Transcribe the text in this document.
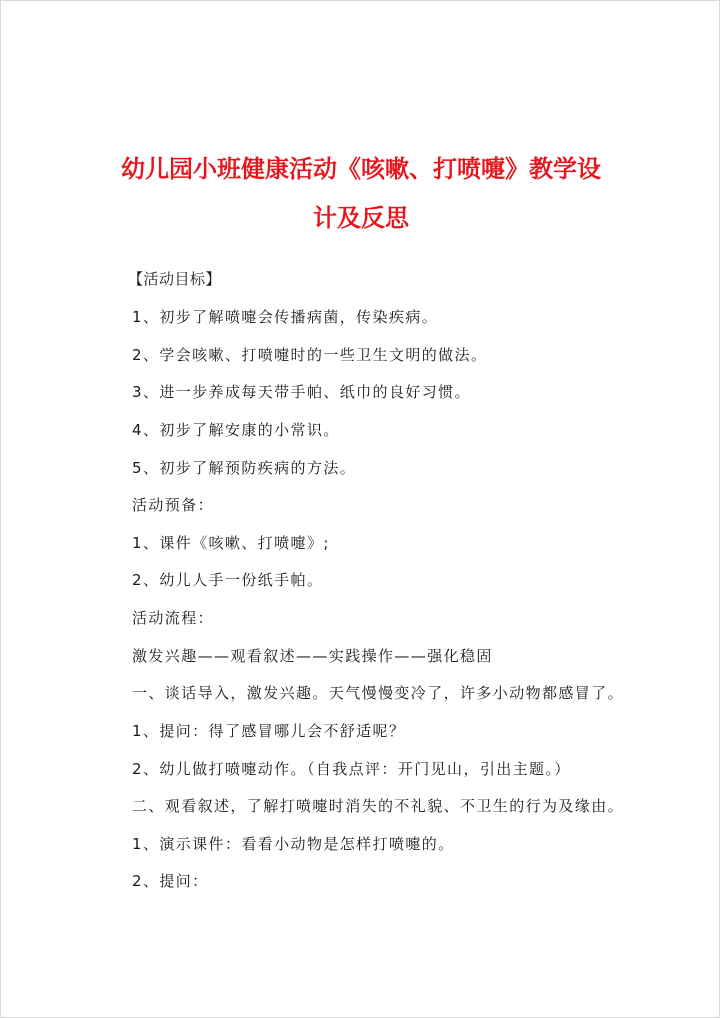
幼儿园小班健康活动《咳嗽、打喷嚏》教学设
计及反思
【活动目标】
1、初步了解喷嚏会传播病菌，传染疾病。
2、学会咳嗽、打喷嚏时的一些卫生文明的做法。
3、进一步养成每天带手帕、纸巾的良好习惯。
4、初步了解安康的小常识。
5、初步了解预防疾病的方法。
活动预备：
1、课件《咳嗽、打喷嚏》;
2、幼儿人手一份纸手帕。
活动流程：
激发兴趣——观看叙述——实践操作——强化稳固
一、谈话导入，激发兴趣。天气慢慢变冷了，许多小动物都感冒了。
1、提问：得了感冒哪儿会不舒适呢？
2、幼儿做打喷嚏动作。（自我点评：开门见山，引出主题。）
二、观看叙述，了解打喷嚏时消失的不礼貌、不卫生的行为及缘由。
1、演示课件：看看小动物是怎样打喷嚏的。
2、提问：
